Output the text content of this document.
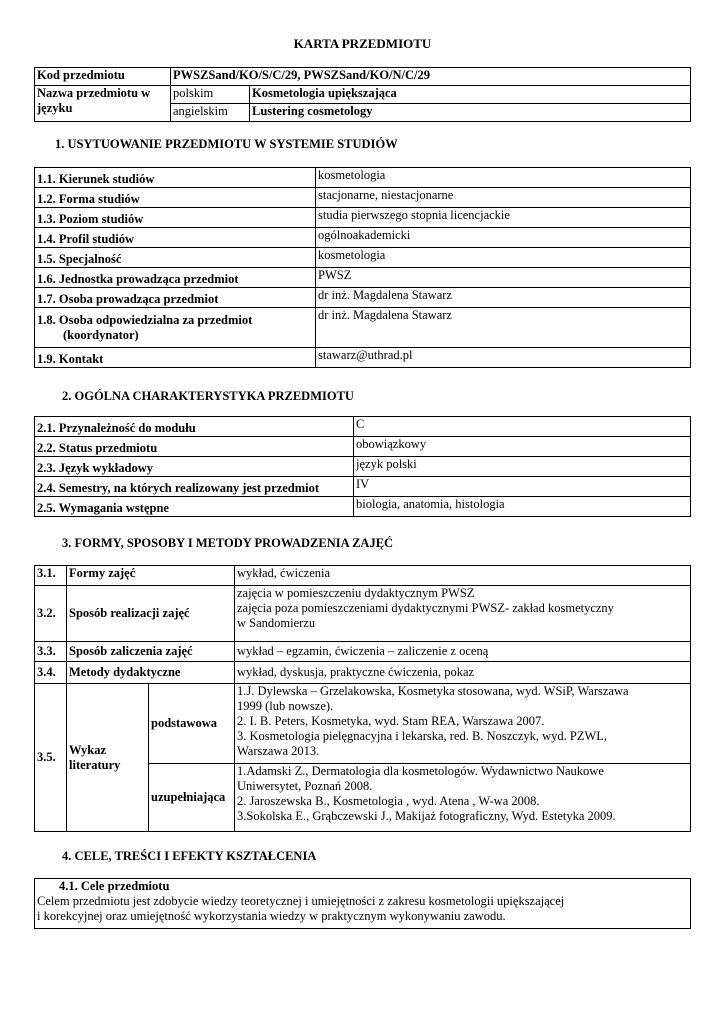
KARTA PRZEDMIOTU
Kod przedmiotu	PWSZSand/KO/S/C/29, PWSZSand/KO/N/C/29	
Nazwa przedmiotu w języku	polskim	Kosmetologia upiększająca
	angielskim	Lustering cosmetology
1. USYTUOWANIE PRZEDMIOTU W SYSTEMIE STUDIÓW
1.1. Kierunek studiów	kosmetologia
1.2. Forma studiów	stacjonarne, niestacjonarne
1.3. Poziom studiów	studia pierwszego stopnia licencjackie
1.4. Profil studiów	ogólnoakademicki
1.5. Specjalność	kosmetologia
1.6. Jednostka prowadząca przedmiot	PWSZ
1.7. Osoba prowadząca przedmiot	dr inż. Magdalena Stawarz

1.8. Osoba odpowiedzialna za przedmiot
(koordynator)	dr inż. Magdalena Stawarz
1.9. Kontakt	stawarz@uthrad.pl
2. OGÓLNA CHARAKTERYSTYKA PRZEDMIOTU
2.1. Przynależność do modułu	C
2.2. Status przedmiotu	obowiązkowy
2.3. Język wykładowy	język polski
2.4. Semestry, na których realizowany jest przedmiot	IV
2.5. Wymagania wstępne	biologia, anatomia, histologia
3. FORMY, SPOSOBY I METODY PROWADZENIA ZAJĘĆ
3.1.	Formy zajęć		wykład, ćwiczenia
3.2.	Sposób realizacji zajęć		zajęcia w pomieszczeniu dydaktycznym PWSZ
zajęcia poza pomieszczeniami dydaktycznymi PWSZ- zakład kosmetyczny
w Sandomierzu

3.3.	Sposób zaliczenia zajęć		wykład – egzamin, ćwiczenia – zaliczenie z oceną
3.4.	Metody dydaktyczne		wykład, dyskusja, praktyczne ćwiczenia, pokaz
3.5.	Wykaz literatury	podstawowa	1.J. Dylewska – Grzelakowska, Kosmetyka stosowana, wyd. WSiP, Warszawa
1999 (lub nowsze).
2. I. B. Peters, Kosmetyka, wyd. Stam REA, Warszawa 2007.
3. Kosmetologia pielęgnacyjna i lekarska, red. B. Noszczyk, wyd. PZWL,
Warszawa 2013.

		uzupełniająca	1.Adamski Z., Dermatologia dla kosmetologów. Wydawnictwo Naukowe
Uniwersytet, Poznań 2008.
2. Jaroszewska B., Kosmetologia , wyd. Atena , W-wa 2008.
3.Sokolska E., Grąbczewski J., Makijaż fotograficzny, Wyd. Estetyka 2009.
4. CELE, TREŚCI I EFEKTY KSZTAŁCENIA
4.1. Cele przedmiotu
Celem przedmiotu jest zdobycie wiedzy teoretycznej i umiejętności z zakresu kosmetologii upiększającej
i korekcyjnej oraz umiejętność wykorzystania wiedzy w praktycznym wykonywaniu zawodu.
